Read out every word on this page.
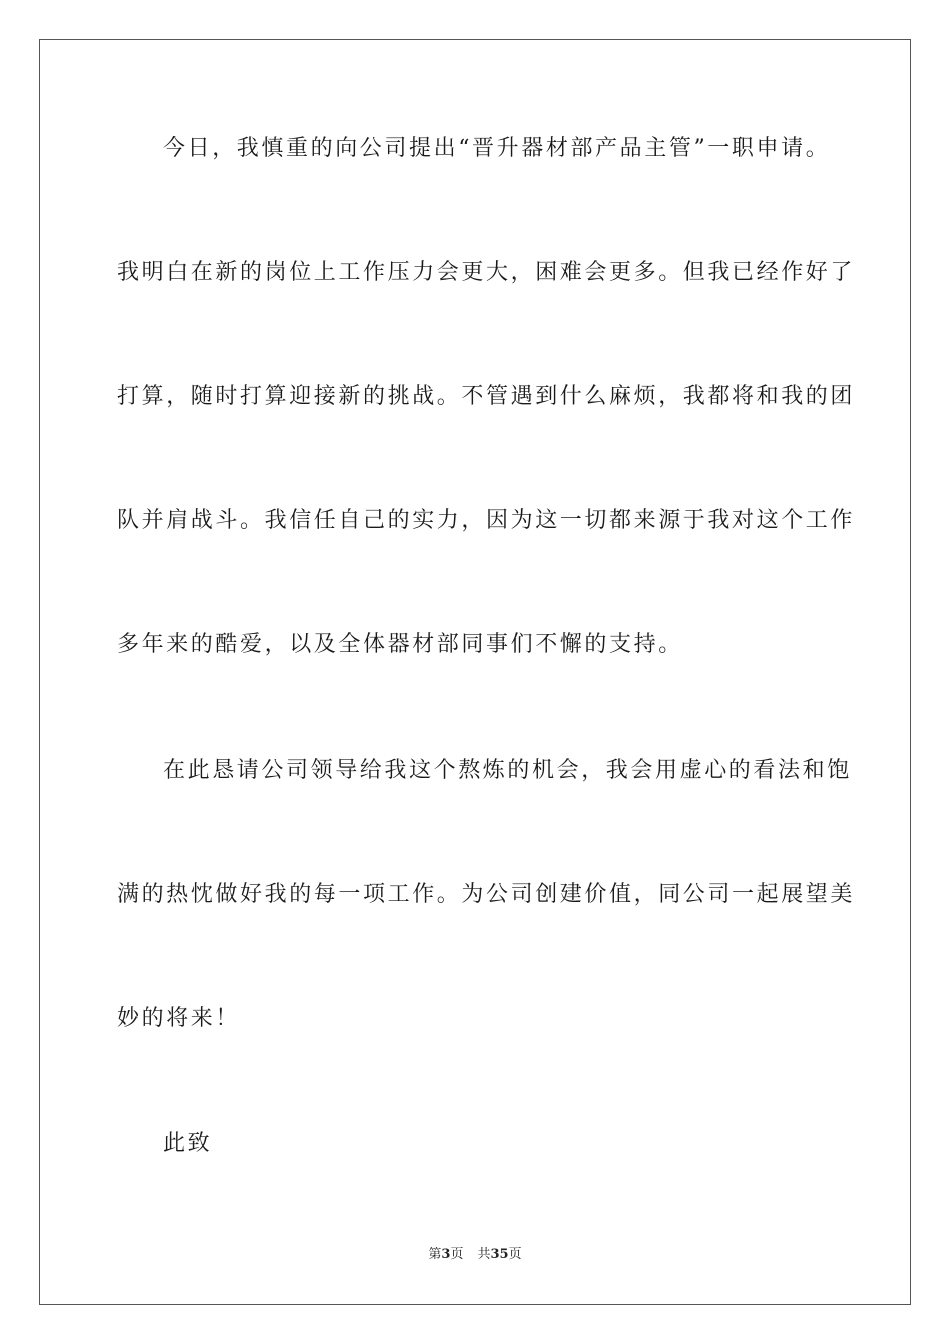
今日，我慎重的向公司提出“晋升器材部产品主管”一职申请。
我明白在新的岗位上工作压力会更大，困难会更多。但我已经作好了
打算，随时打算迎接新的挑战。不管遇到什么麻烦，我都将和我的团
队并肩战斗。我信任自己的实力，因为这一切都来源于我对这个工作
多年来的酷爱，以及全体器材部同事们不懈的支持。
在此恳请公司领导给我这个熬炼的机会，我会用虚心的看法和饱
满的热忱做好我的每一项工作。为公司创建价值，同公司一起展望美
妙的将来！
此致
第3页 共35页
